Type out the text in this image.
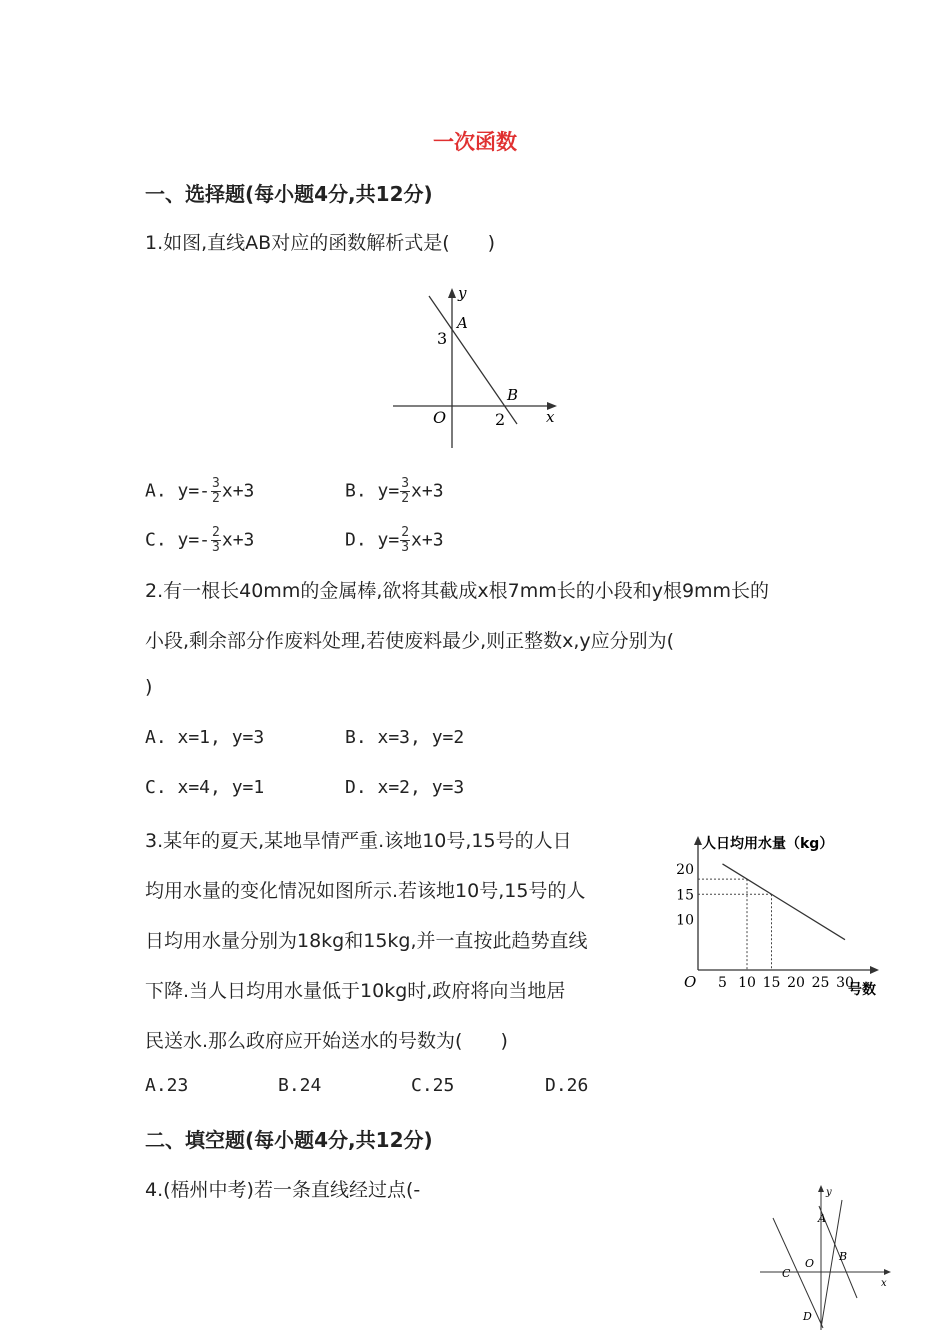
一次函数
一、选择题(每小题4分,共12分)
1.如图,直线AB对应的函数解析式是(　　)
y
A
3
B
x
O	2
A. $y=- \frac{3}{2} x+3$	B. $y= \frac{3}{2} x+3$
C. $y=- \frac{2}{3} x+3$	D. $y= \frac{2}{3} x+3$
2.有一根长40mm的金属棒,欲将其截成x根7mm长的小段和y根9mm长的
小段,剩余部分作废料处理,若使废料最少,则正整数x,y应分别为(
)
A. x=1, y=3	B. x=3, y=2
C. x=4, y=1	D. x=2, y=3
3.某年的夏天,某地旱情严重.该地10号,15号的人日
均用水量的变化情况如图所示.若该地10号,15号的人
日均用水量分别为18kg和15kg,并一直按此趋势直线
下降.当人日均用水量低于10kg时,政府将向当地居
民送水.那么政府应开始送水的号数为(　　)
人日均用水量（kg）
号数
O 5 10 15 20 25 30
10
15
20
A.23	B.24	C.25	D.26
二、填空题(每小题4分,共12分)
4.(梧州中考)若一条直线经过点(-	y
A
O
B
C
D
x
